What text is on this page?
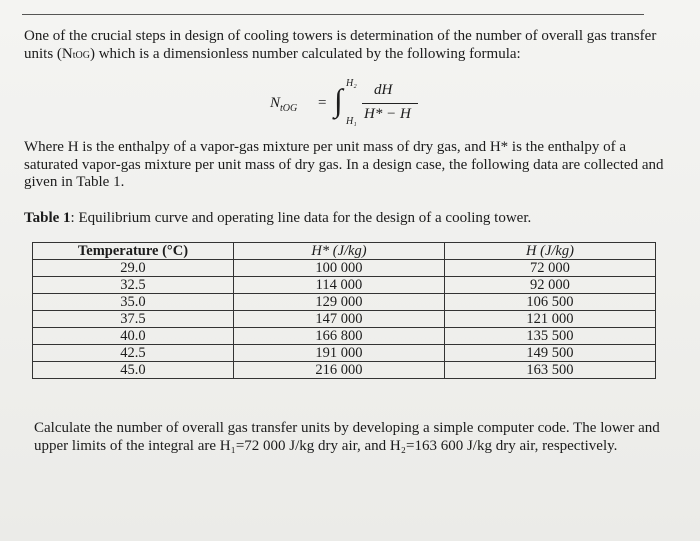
One of the crucial steps in design of cooling towers is determination of the number of overall gas transfer units (NtOG) which is a dimensionless number calculated by the following formula:

$N_{tOG}$ = ∫ H₂
H₁
dH
H* − H

Where H is the enthalpy of a vapor-gas mixture per unit mass of dry gas, and H* is the enthalpy of a saturated vapor-gas mixture per unit mass of dry gas. In a design case, the following data are collected and given in Table 1.

Table 1: Equilibrium curve and operating line data for the design of a cooling tower.

Temperature (°C)	H* (J/kg)	H (J/kg)
29.0	100 000	72 000
32.5	114 000	92 000
35.0	129 000	106 500
37.5	147 000	121 000
40.0	166 800	135 500
42.5	191 000	149 500
45.0	216 000	163 500

Calculate the number of overall gas transfer units by developing a simple computer code. The lower and upper limits of the integral are H₁=72 000 J/kg dry air, and H₂=163 600 J/kg dry air, respectively.
